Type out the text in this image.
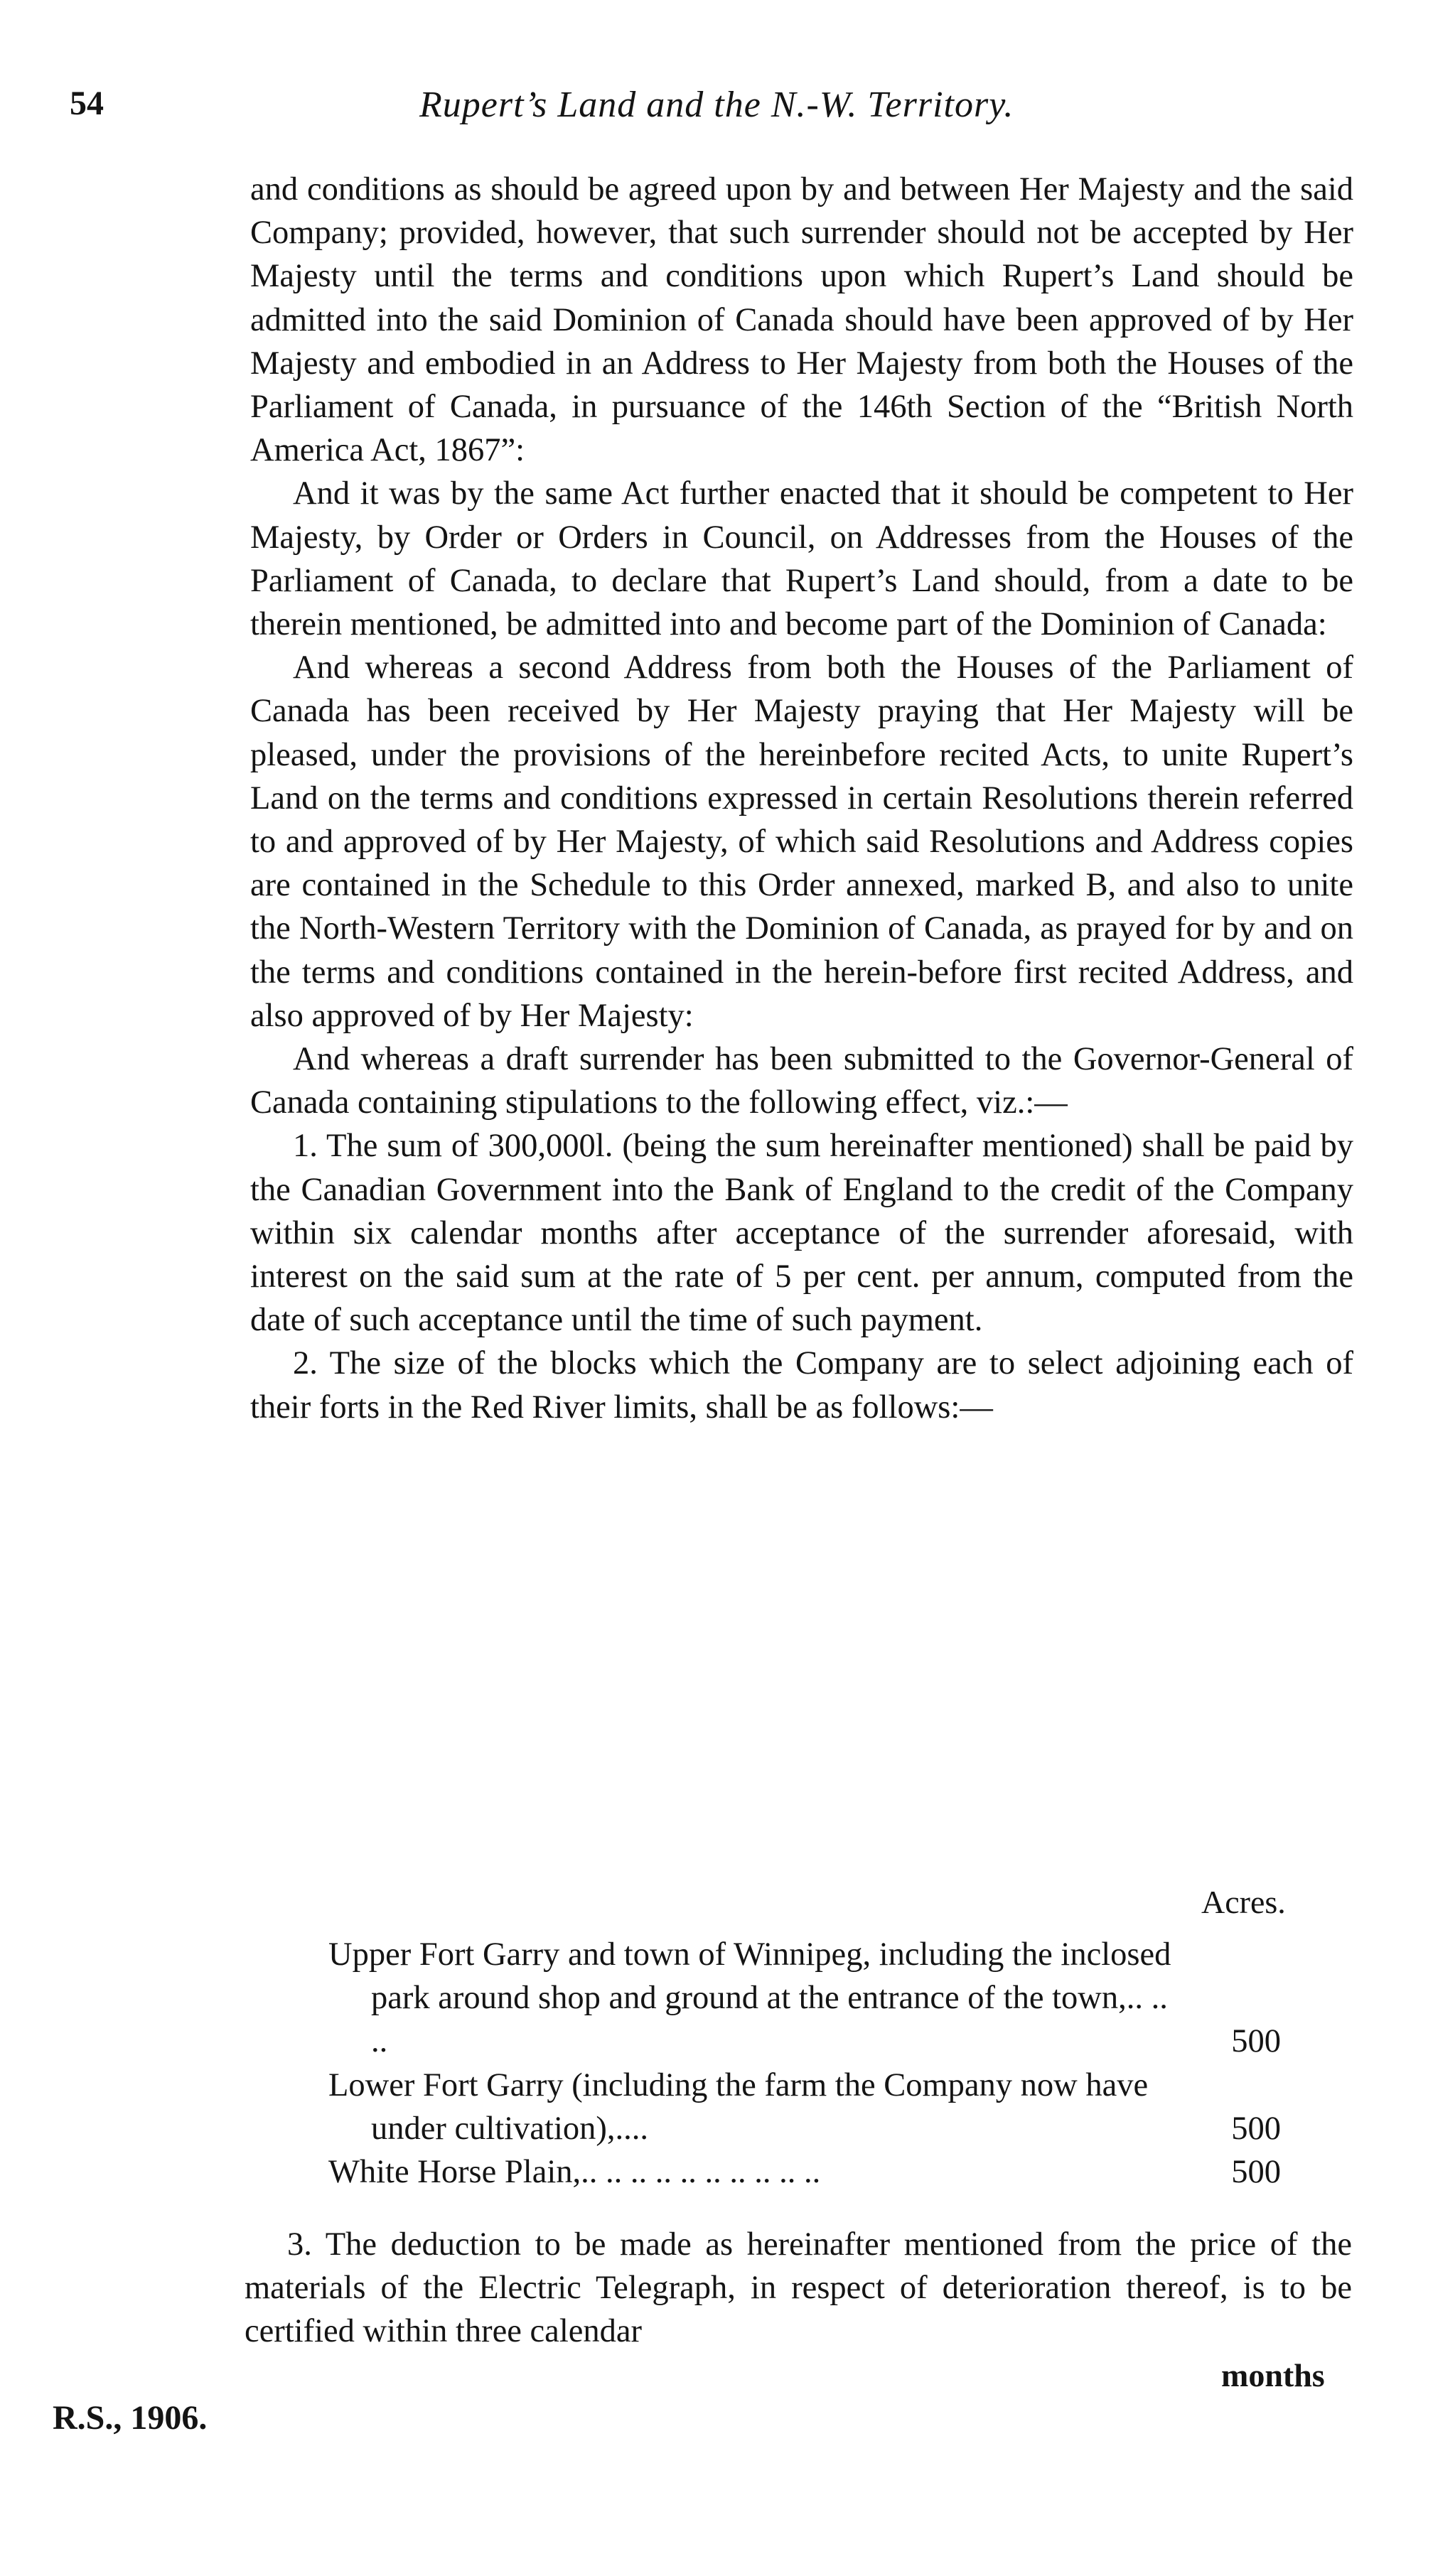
54	Rupert’s Land and the N.-W. Territory.

and conditions as should be agreed upon by and between Her Majesty and the said Company; provided, however, that such surrender should not be accepted by Her Majesty until the terms and conditions upon which Rupert’s Land should be admitted into the said Dominion of Canada should have been approved of by Her Majesty and embodied in an Address to Her Majesty from both the Houses of the Parliament of Canada, in pursuance of the 146th Section of the “British North America Act, 1867”:

And it was by the same Act further enacted that it should be competent to Her Majesty, by Order or Orders in Council, on Addresses from the Houses of the Parliament of Canada, to declare that Rupert’s Land should, from a date to be therein mentioned, be admitted into and become part of the Dominion of Canada:

And whereas a second Address from both the Houses of the Parliament of Canada has been received by Her Majesty praying that Her Majesty will be pleased, under the provisions of the hereinbefore recited Acts, to unite Rupert’s Land on the terms and conditions expressed in certain Resolutions therein referred to and approved of by Her Majesty, of which said Resolutions and Address copies are contained in the Schedule to this Order annexed, marked B, and also to unite the North-Western Territory with the Dominion of Canada, as prayed for by and on the terms and conditions contained in the herein-before first recited Address, and also approved of by Her Majesty:

And whereas a draft surrender has been submitted to the Governor-General of Canada containing stipulations to the following effect, viz.:—

1. The sum of 300,000l. (being the sum hereinafter mentioned) shall be paid by the Canadian Government into the Bank of England to the credit of the Company within six calendar months after acceptance of the surrender aforesaid, with interest on the said sum at the rate of 5 per cent. per annum, computed from the date of such acceptance until the time of such payment.

2. The size of the blocks which the Company are to select adjoining each of their forts in the Red River limits, shall be as follows:—

Acres.
Upper Fort Garry and town of Winnipeg, including the inclosed park around shop and ground at the entrance of the town,.. .. ..	500
Lower Fort Garry (including the farm the Company now have under cultivation),....	500
White Horse Plain,.. .. .. .. .. .. .. .. .. ..	500

3. The deduction to be made as hereinafter mentioned from the price of the materials of the Electric Telegraph, in respect of deterioration thereof, is to be certified within three calendar

months
R.S., 1906.
